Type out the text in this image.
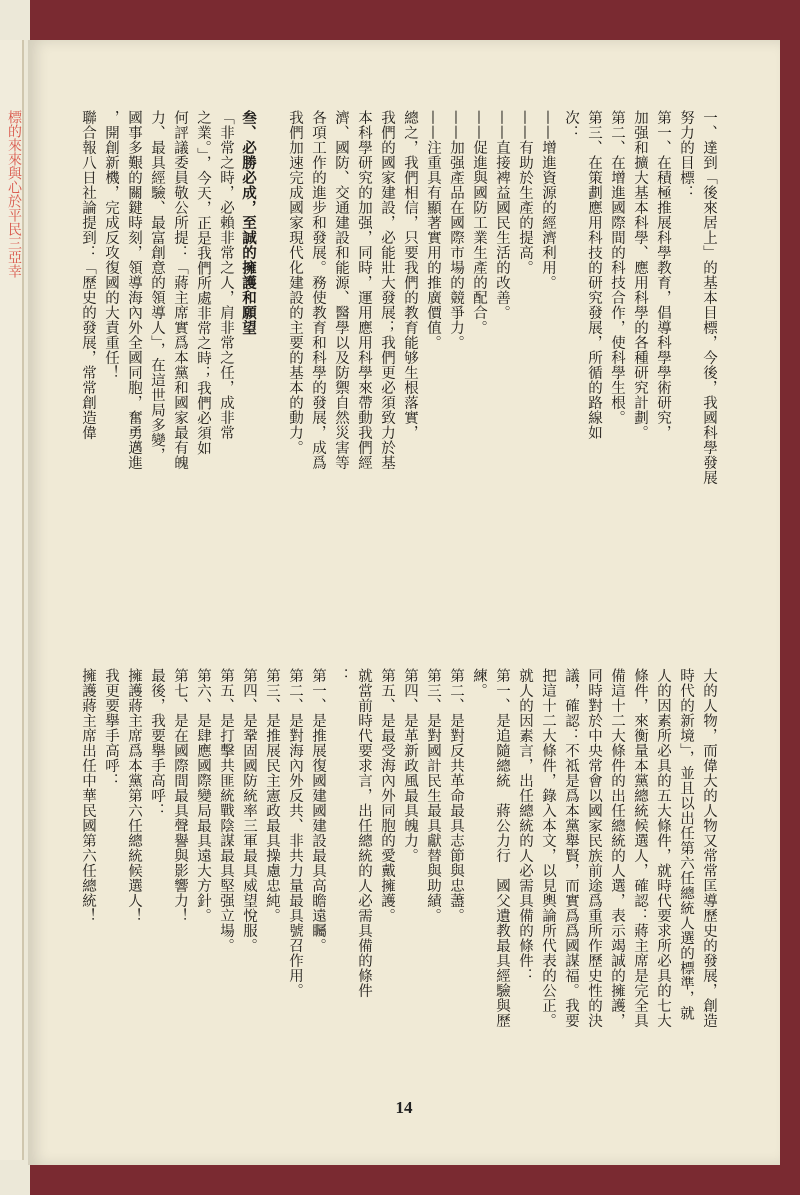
標的來來與心於平民三亞幸	一、達到「後來居上」的基本目標，今後，我國科學發展

努力的目標：

第一、在積極推展科學教育，倡導科學學術研究，

加强和擴大基本科學、應用科學的各種研究計劃。

第二、在增進國際間的科技合作，使科學生根。

第三、在策劃應用科技的研究發展，所循的路線如

次：

——增進資源的經濟利用。

——有助於生產的提高。

——直接裨益國民生活的改善。

——促進與國防工業生產的配合。

——加强產品在國際市場的競爭力。

——注重具有顯著實用的推廣價值。

總之，我們相信，只要我們的教育能够生根落實，

我們的國家建設，必能壯大發展；我們更必須致力於基

本科學研究的加强，同時，運用應用科學來帶動我們經

濟、國防、交通建設和能源、醫學以及防禦自然災害等

各項工作的進步和發展。務使教育和科學的發展，成爲

我們加速完成國家現代化建設的主要的基本的動力。

叁、必勝必成，至誠的擁護和願望

「非常之時，必賴非常之人，肩非常之任，成非常

之業。」，今天，正是我們所處非常之時；我們必須如

何評議委員敬公所提：「蔣主席實爲本黨和國家最有魄

力、最具經驗、最富創意的領導人」，在這世局多變，

國事多艱的關鍵時刻，領導海內外全國同胞，奮勇邁進

，開創新機，完成反攻復國的大責重任！

聯合報八日社論提到：「歷史的發展，常常創造偉

大的人物，而偉大的人物又常常匡導歷史的發展，創造

時代的新境」，並且以出任第六任總統人選的標準，就

人的因素所必具的五大條件，就時代要求所必具的七大

條件，來衡量本黨總統候選人，確認：蔣主席是完全具

備這十二大條件的出任總統的人選，表示竭誠的擁護，

同時對於中央常會以國家民族前途爲重所作歷史性的決

議，確認：不祗是爲本黨舉賢，而實爲爲國謀福。我要

把這十二大條件，錄入本文，以見輿論所代表的公正。

就人的因素言，出任總統的人必需具備的條件：

第一、是追隨總統　蔣公力行　國父遺教最具經驗與歷

練。

第二、是對反共革命最具志節與忠藎。

第三、是對國計民生最具獻替與助績。

第四、是革新政風最具魄力。

第五、是最受海內外同胞的愛戴擁護。

就當前時代要求言，出任總統的人必需具備的條件

：

第一、是推展復國建國建設最具高瞻遠矚。

第二、是對海內外反共、非共力量最具號召作用。

第三、是推展民主憲政最具操慮忠純。

第四、是鞏固國防統率三軍最具威望悅服。

第五、是打擊共匪統戰陰謀最具堅强立場。

第六、是肆應國際變局最具遠大方針。

第七、是在國際間最具聲譽與影響力！

最後，我要擧手高呼：

擁護蔣主席爲本黨第六任總統候選人！

我更要擧手高呼：

擁護蔣主席出任中華民國第六任總統！

14
